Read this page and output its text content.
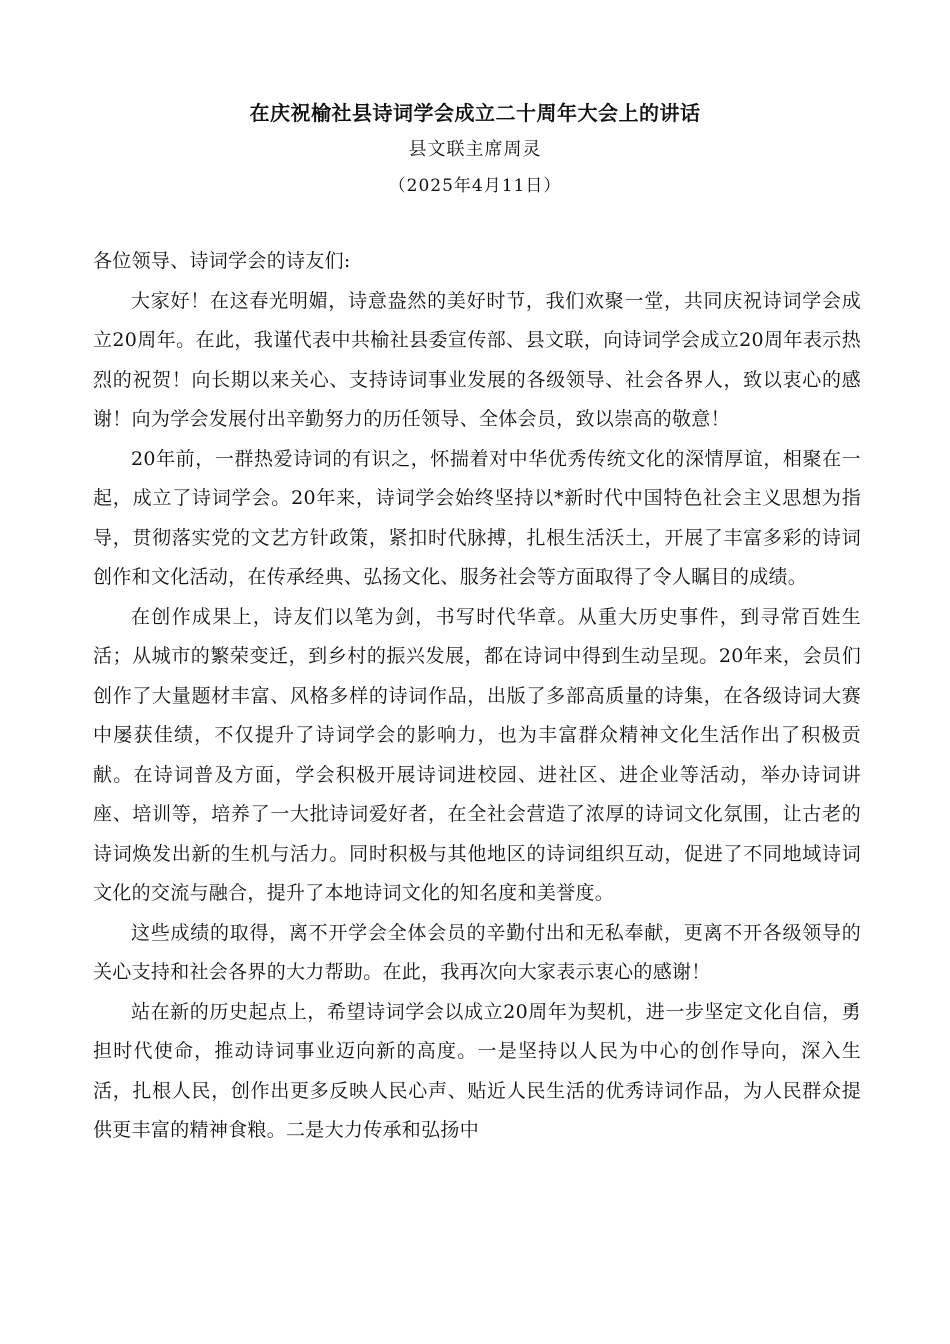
在庆祝榆社县诗词学会成立二十周年大会上的讲话
县文联主席周灵
（2025年4月11日）

各位领导、诗词学会的诗友们:

大家好！在这春光明媚，诗意盎然的美好时节，我们欢聚一堂，共同庆祝诗词学会成立20周年。在此，我谨代表中共榆社县委宣传部、县文联，向诗词学会成立20周年表示热烈的祝贺！向长期以来关心、支持诗词事业发展的各级领导、社会各界人，致以衷心的感谢！向为学会发展付出辛勤努力的历任领导、全体会员，致以崇高的敬意！

20年前，一群热爱诗词的有识之，怀揣着对中华优秀传统文化的深情厚谊，相聚在一起，成立了诗词学会。20年来，诗词学会始终坚持以*新时代中国特色社会主义思想为指导，贯彻落实党的文艺方针政策，紧扣时代脉搏，扎根生活沃土，开展了丰富多彩的诗词创作和文化活动，在传承经典、弘扬文化、服务社会等方面取得了令人瞩目的成绩。

在创作成果上，诗友们以笔为剑，书写时代华章。从重大历史事件，到寻常百姓生活；从城市的繁荣变迁，到乡村的振兴发展，都在诗词中得到生动呈现。20年来，会员们创作了大量题材丰富、风格多样的诗词作品，出版了多部高质量的诗集，在各级诗词大赛中屡获佳绩，不仅提升了诗词学会的影响力，也为丰富群众精神文化生活作出了积极贡献。在诗词普及方面，学会积极开展诗词进校园、进社区、进企业等活动，举办诗词讲座、培训等，培养了一大批诗词爱好者，在全社会营造了浓厚的诗词文化氛围，让古老的诗词焕发出新的生机与活力。同时积极与其他地区的诗词组织互动，促进了不同地域诗词文化的交流与融合，提升了本地诗词文化的知名度和美誉度。

这些成绩的取得，离不开学会全体会员的辛勤付出和无私奉献，更离不开各级领导的关心支持和社会各界的大力帮助。在此，我再次向大家表示衷心的感谢！

站在新的历史起点上，希望诗词学会以成立20周年为契机，进一步坚定文化自信，勇担时代使命，推动诗词事业迈向新的高度。一是坚持以人民为中心的创作导向，深入生活，扎根人民，创作出更多反映人民心声、贴近人民生活的优秀诗词作品，为人民群众提供更丰富的精神食粮。二是大力传承和弘扬中
